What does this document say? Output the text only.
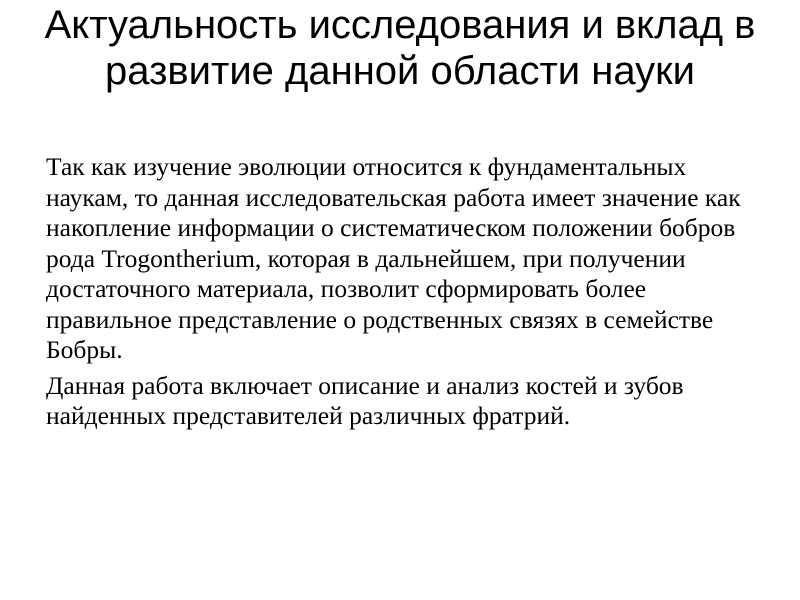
Актуальность исследования и вклад в развитие данной области науки

Так как изучение эволюции относится к фундаментальных наукам, то данная исследовательская работа имеет значение как накопление информации о систематическом положении бобров рода Trogontherium, которая в дальнейшем, при получении достаточного материала, позволит сформировать более правильное представление о родственных связях в семействе Бобры.

Данная работа включает описание и анализ костей и зубов найденных представителей различных фратрий.
